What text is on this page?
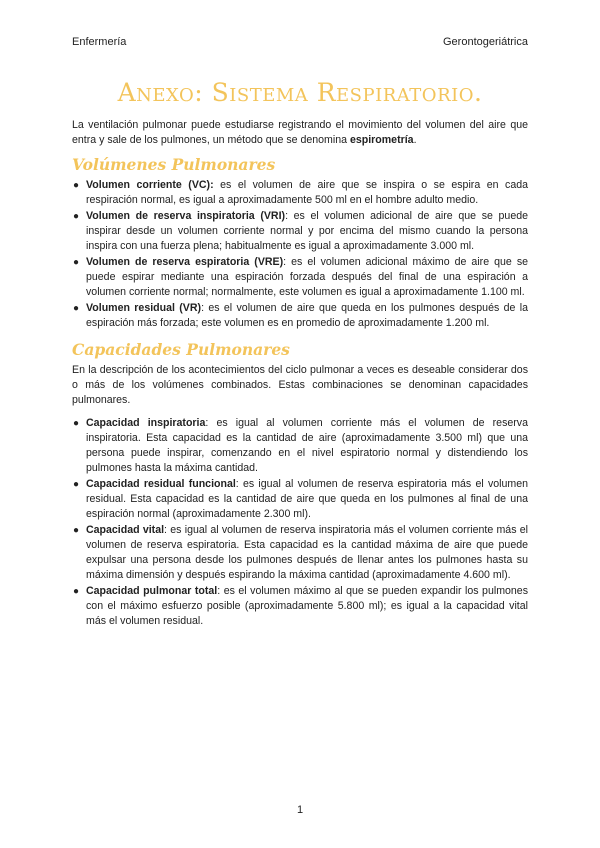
Enfermería	Gerontogeriátrica
Anexo: Sistema Respiratorio.

La ventilación pulmonar puede estudiarse registrando el movimiento del volumen del aire que entra y sale de los pulmones, un método que se denomina espirometría.

Volúmenes Pulmonares
● Volumen corriente (VC): es el volumen de aire que se inspira o se espira en cada respiración normal, es igual a aproximadamente 500 ml en el hombre adulto medio.
● Volumen de reserva inspiratoria (VRI): es el volumen adicional de aire que se puede inspirar desde un volumen corriente normal y por encima del mismo cuando la persona inspira con una fuerza plena; habitualmente es igual a aproximadamente 3.000 ml.
● Volumen de reserva espiratoria (VRE): es el volumen adicional máximo de aire que se puede espirar mediante una espiración forzada después del final de una espiración a volumen corriente normal; normalmente, este volumen es igual a aproximadamente 1.100 ml.
● Volumen residual (VR): es el volumen de aire que queda en los pulmones después de la espiración más forzada; este volumen es en promedio de aproximadamente 1.200 ml.
Capacidades Pulmonares

En la descripción de los acontecimientos del ciclo pulmonar a veces es deseable considerar dos o más de los volúmenes combinados. Estas combinaciones se denominan capacidades pulmonares.

● Capacidad inspiratoria: es igual al volumen corriente más el volumen de reserva inspiratoria. Esta capacidad es la cantidad de aire (aproximadamente 3.500 ml) que una persona puede inspirar, comenzando en el nivel espiratorio normal y distendiendo los pulmones hasta la máxima cantidad.
● Capacidad residual funcional: es igual al volumen de reserva espiratoria más el volumen residual. Esta capacidad es la cantidad de aire que queda en los pulmones al final de una espiración normal (aproximadamente 2.300 ml).
● Capacidad vital: es igual al volumen de reserva inspiratoria más el volumen corriente más el volumen de reserva espiratoria. Esta capacidad es la cantidad máxima de aire que puede expulsar una persona desde los pulmones después de llenar antes los pulmones hasta su máxima dimensión y después espirando la máxima cantidad (aproximadamente 4.600 ml).
● Capacidad pulmonar total: es el volumen máximo al que se pueden expandir los pulmones con el máximo esfuerzo posible (aproximadamente 5.800 ml); es igual a la capacidad vital más el volumen residual.
1
